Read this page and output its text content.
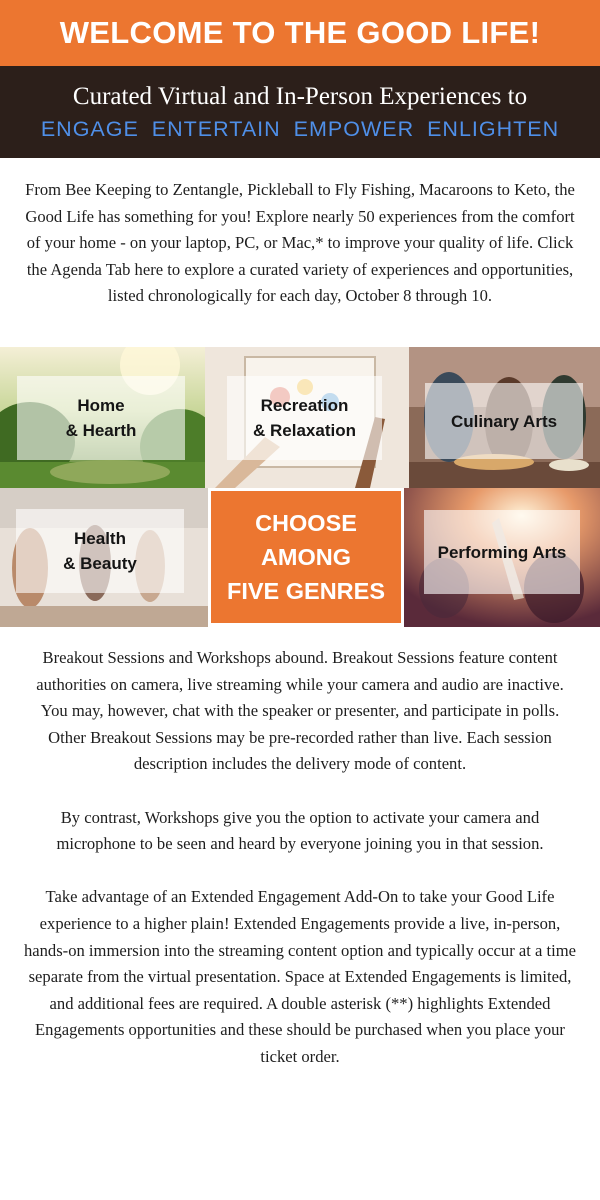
WELCOME TO THE GOOD LIFE!
Curated Virtual and In-Person Experiences to
ENGAGE ENTERTAIN EMPOWER ENLIGHTEN
From Bee Keeping to Zentangle, Pickleball to Fly Fishing, Macaroons to Keto, the Good Life has something for you! Explore nearly 50 experiences from the comfort of your home - on your laptop, PC, or Mac,* to improve your quality of life. Click the Agenda Tab here to explore a curated variety of experiences and opportunities, listed chronologically for each day, October 8 through 10.
Home
& Hearth
Recreation
& Relaxation	Culinary Arts
Health
& Beauty
CHOOSE
AMONG
FIVE GENRES
Performing Arts

Breakout Sessions and Workshops abound. Breakout Sessions feature content authorities on camera, live streaming while your camera and audio are inactive. You may, however, chat with the speaker or presenter, and participate in polls. Other Breakout Sessions may be pre-recorded rather than live. Each session description includes the delivery mode of content.

By contrast, Workshops give you the option to activate your camera and microphone to be seen and heard by everyone joining you in that session.

Take advantage of an Extended Engagement Add-On to take your Good Life experience to a higher plain! Extended Engagements provide a live, in-person, hands-on immersion into the streaming content option and typically occur at a time separate from the virtual presentation. Space at Extended Engagements is limited, and additional fees are required. A double asterisk (**) highlights Extended Engagements opportunities and these should be purchased when you place your ticket order.
